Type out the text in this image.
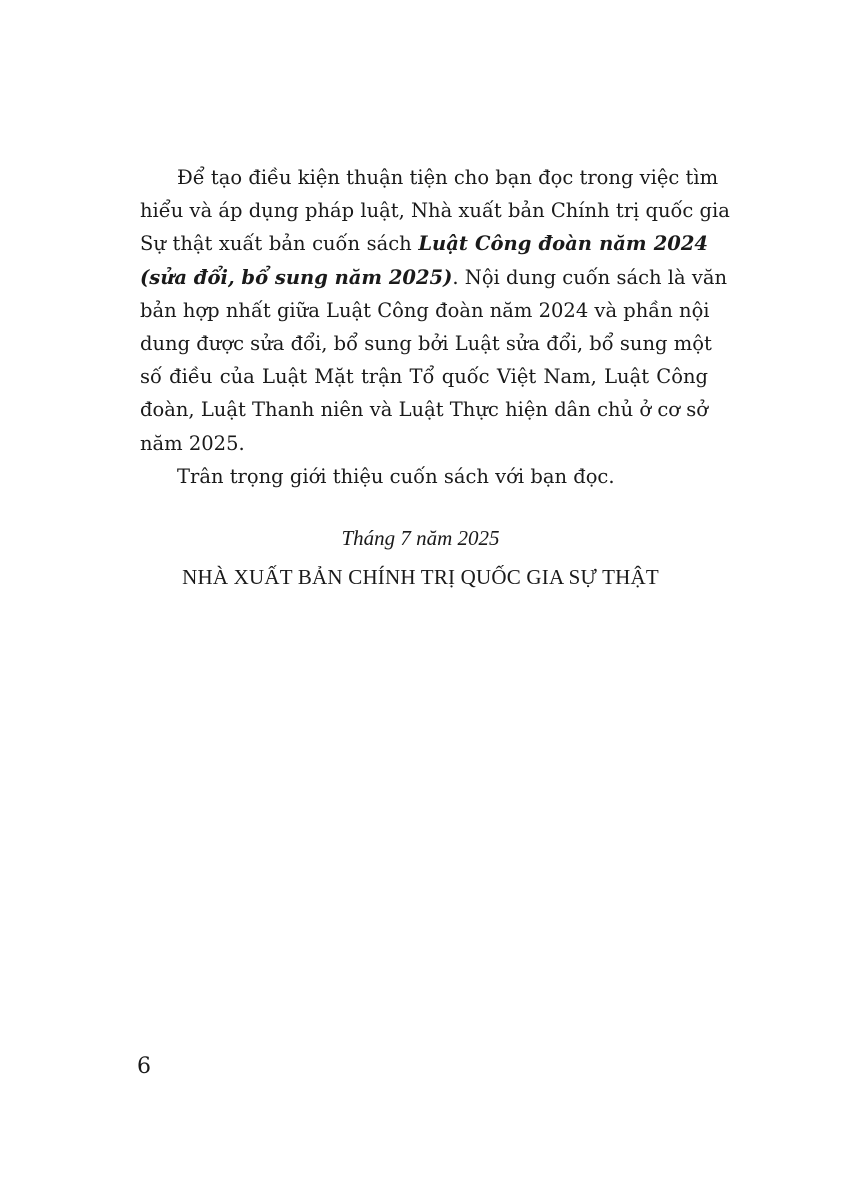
Để tạo điều kiện thuận tiện cho bạn đọc trong việc tìm
hiểu và áp dụng pháp luật, Nhà xuất bản Chính trị quốc gia
Sự thật xuất bản cuốn sách Luật Công đoàn năm 2024
(sửa đổi, bổ sung năm 2025). Nội dung cuốn sách là văn
bản hợp nhất giữa Luật Công đoàn năm 2024 và phần nội
dung được sửa đổi, bổ sung bởi Luật sửa đổi, bổ sung một
số điều của Luật Mặt trận Tổ quốc Việt Nam, Luật Công
đoàn, Luật Thanh niên và Luật Thực hiện dân chủ ở cơ sở
năm 2025.
Trân trọng giới thiệu cuốn sách với bạn đọc.
Tháng 7 năm 2025
NHÀ XUẤT BẢN CHÍNH TRỊ QUỐC GIA SỰ THẬT
6
